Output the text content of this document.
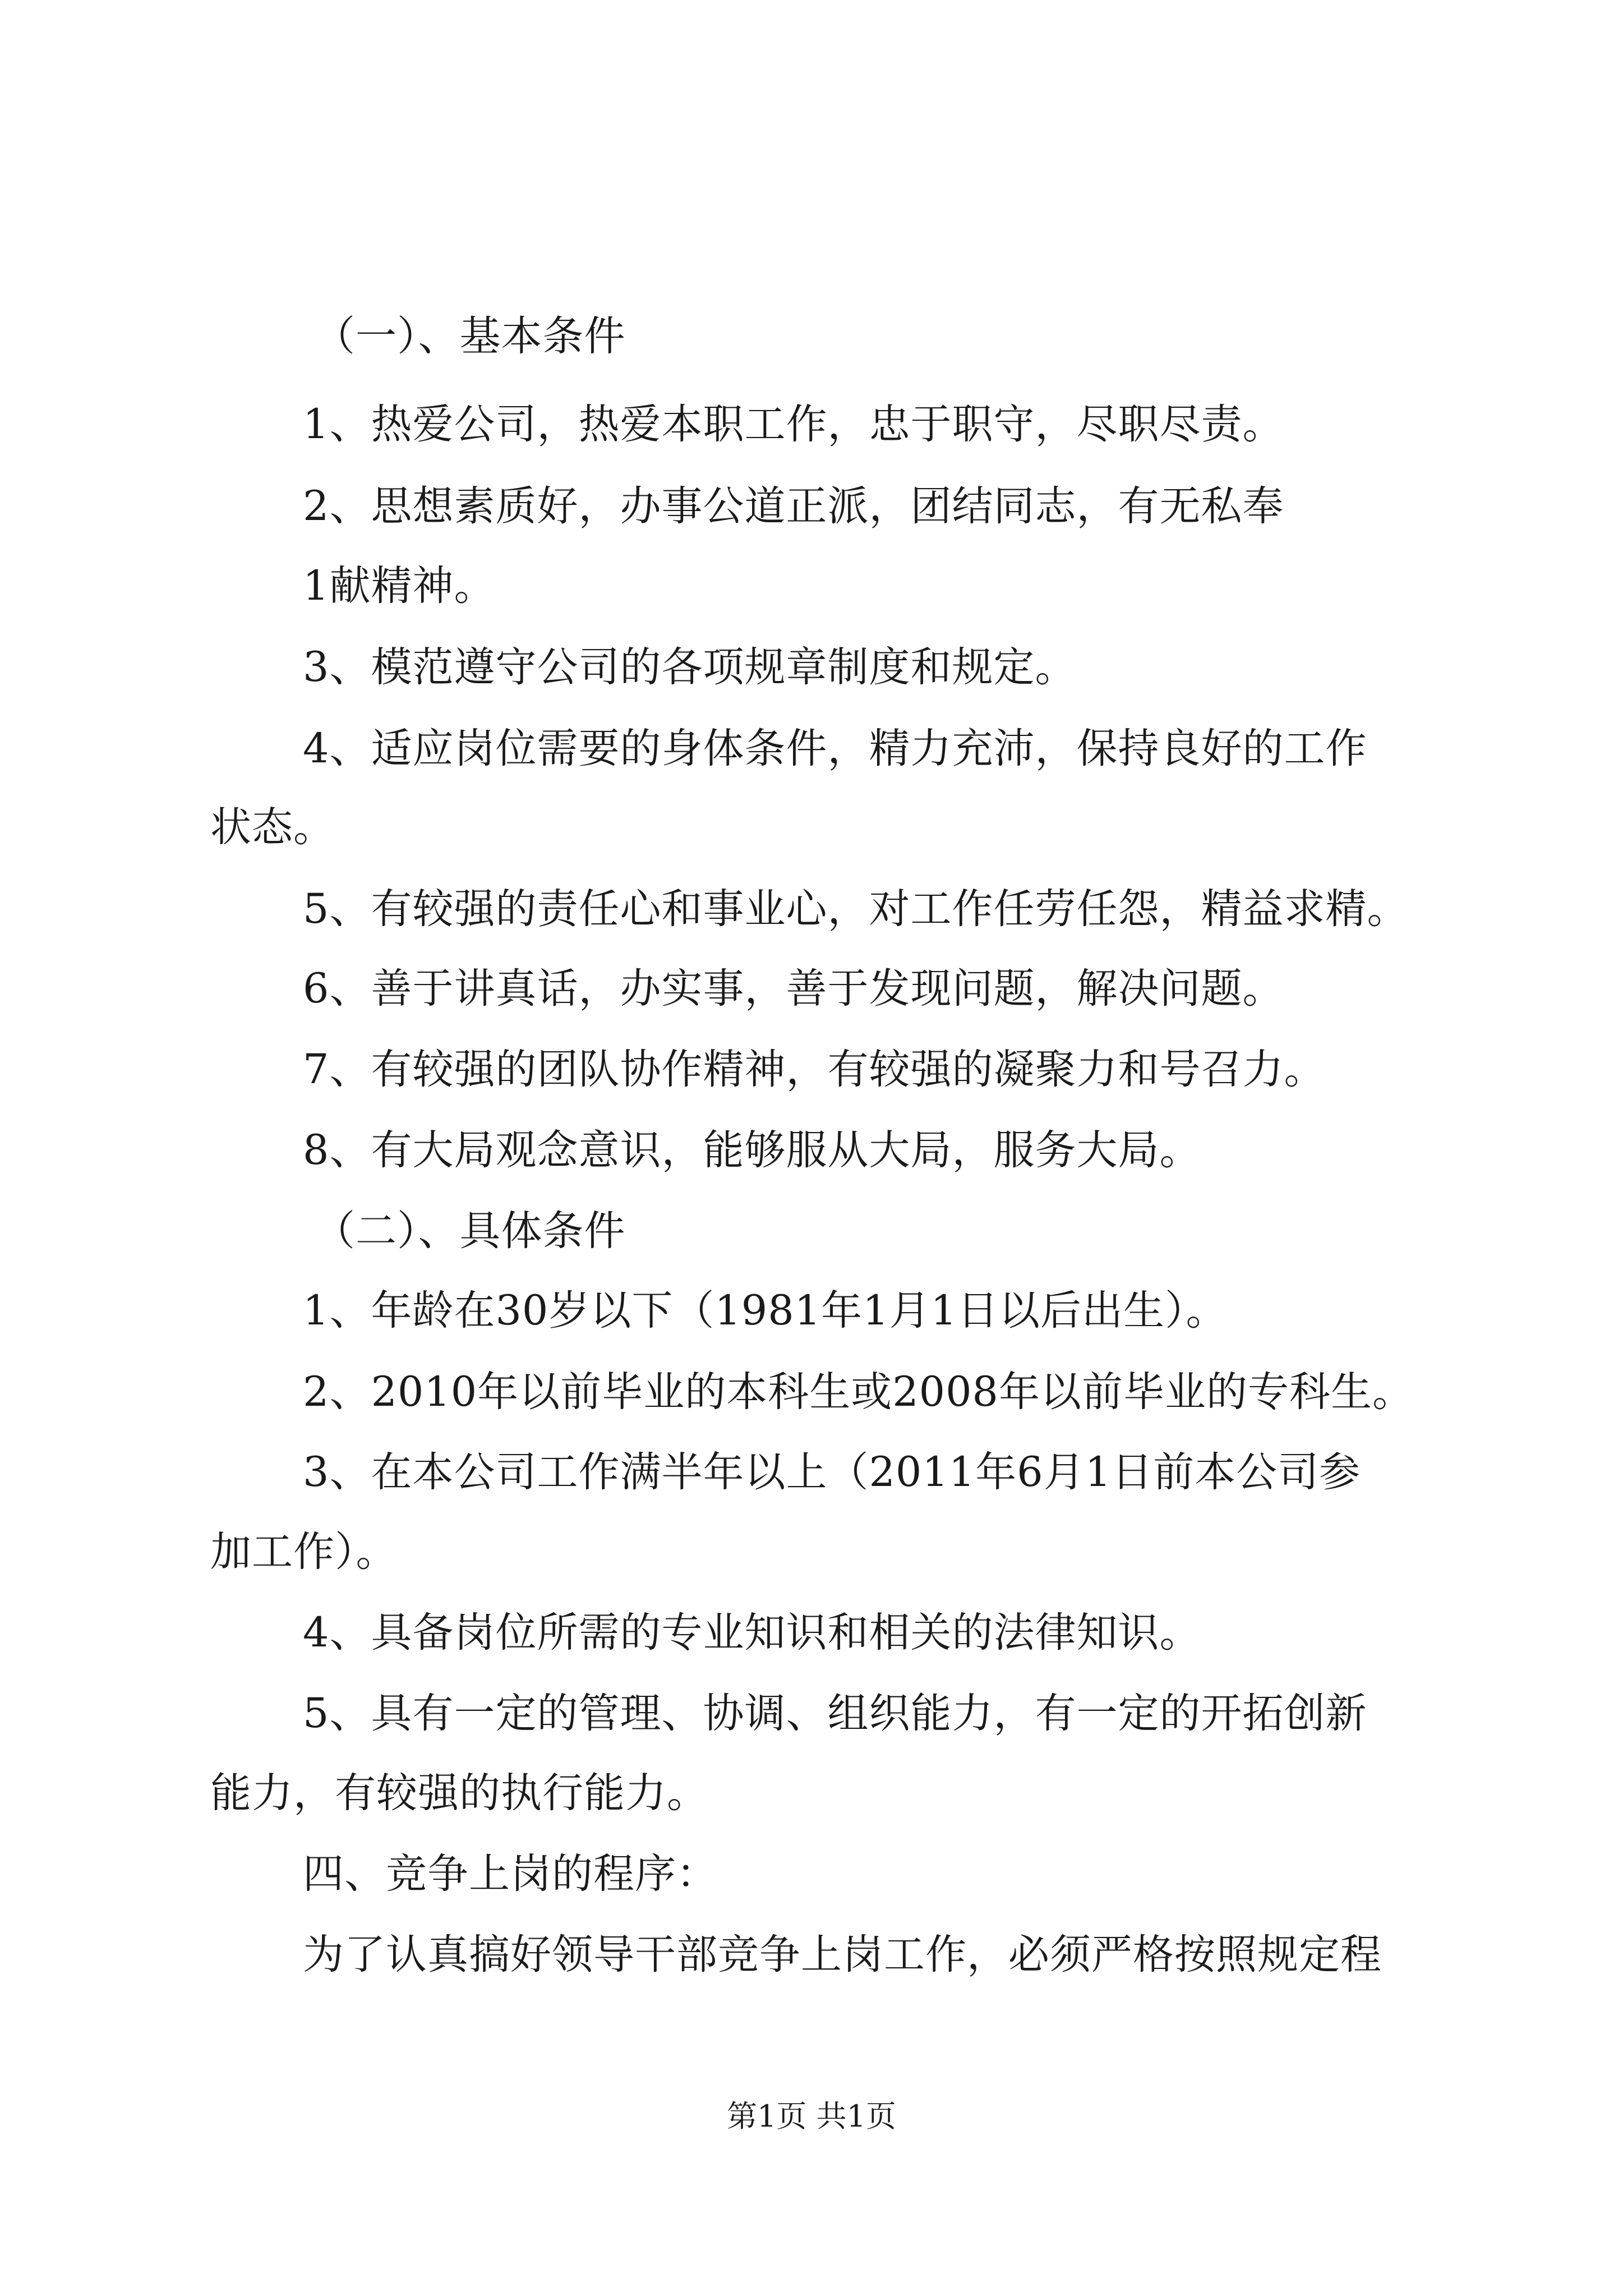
（一）、基本条件
1、热爱公司，热爱本职工作，忠于职守，尽职尽责。
2、思想素质好，办事公道正派，团结同志，有无私奉
1献精神。
3、模范遵守公司的各项规章制度和规定。
4、适应岗位需要的身体条件，精力充沛，保持良好的工作
状态。
5、有较强的责任心和事业心，对工作任劳任怨，精益求精。
6、善于讲真话，办实事，善于发现问题，解决问题。
7、有较强的团队协作精神，有较强的凝聚力和号召力。
8、有大局观念意识，能够服从大局，服务大局。
（二）、具体条件
1、年龄在30岁以下（1981年1月1日以后出生）。
2、2010年以前毕业的本科生或2008年以前毕业的专科生。
3、在本公司工作满半年以上（2011年6月1日前本公司参
加工作）。
4、具备岗位所需的专业知识和相关的法律知识。
5、具有一定的管理、协调、组织能力，有一定的开拓创新
能力，有较强的执行能力。
四、竞争上岗的程序：
为了认真搞好领导干部竞争上岗工作，必须严格按照规定程
第1页 共1页
